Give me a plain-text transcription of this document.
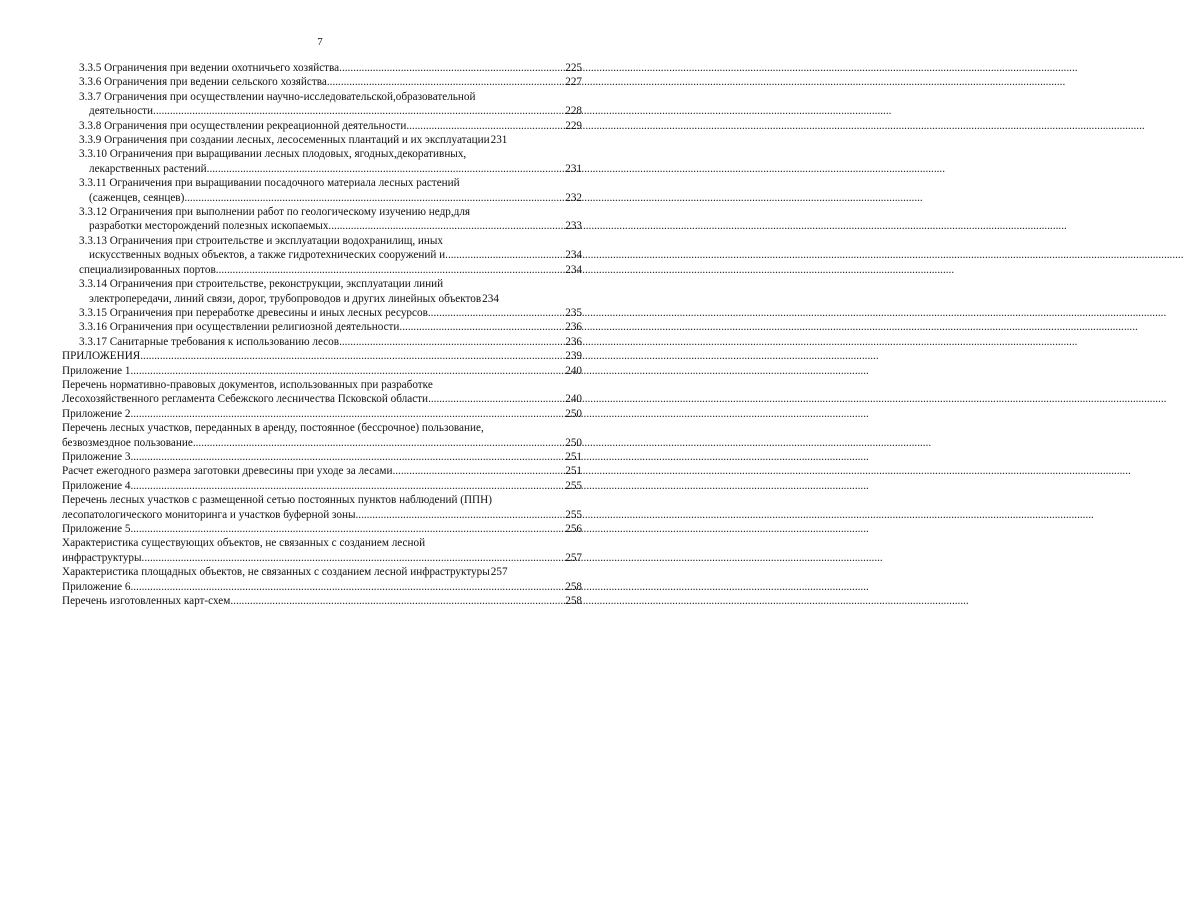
7
3.3.5 Ограничения при ведении охотничьего хозяйства .....	225
3.3.6 Ограничения при ведении сельского хозяйства .....	227
3.3.7 Ограничения при осуществлении научно-исследовательской,образовательной
деятельности .....	228
3.3.8 Ограничения при осуществлении рекреационной деятельности .....	229
3.3.9 Ограничения при создании лесных, лесосеменных плантаций и их эксплуатации 231
3.3.10 Ограничения при выращивании лесных плодовых, ягодных,декоративных,
лекарственных растений .....	231
3.3.11 Ограничения при выращивании посадочного материала лесных растений
(саженцев, сеянцев) .....	232
3.3.12 Ограничения при выполнении работ по геологическому изучению недр,для
разработки месторождений полезных ископаемых .....	233
3.3.13 Ограничения при строительстве и эксплуатации водохранилищ, иных
искусственных водных объектов, а также гидротехнических сооружений и .....	234
специализированных портов .....	234
3.3.14 Ограничения при строительстве, реконструкции, эксплуатации линий
электропередачи, линий связи, дорог, трубопроводов и других линейных объектов 234
3.3.15 Ограничения при переработке древесины и иных лесных ресурсов .....	235
3.3.16 Ограничения при осуществлении религиозной деятельности .....	236
3.3.17 Санитарные требования к использованию лесов .....	236
ПРИЛОЖЕНИЯ .....	239
Приложение 1 .....	240
Перечень нормативно-правовых документов, использованных при разработке
Лесохозяйственного регламента Себежского лесничества Псковской области .....	240
Приложение 2 .....	250
Перечень лесных участков, переданных в аренду, постоянное (бессрочное) пользование,
безвозмездное пользование .....	250
Приложение 3 .....	251
Расчет ежегодного размера заготовки древесины при уходе за лесами .....	251
Приложение 4 .....	255
Перечень лесных участков с размещенной сетью постоянных пунктов наблюдений (ППН)
лесопатологического мониторинга и участков буферной зоны .....	255
Приложение 5 .....	256
Характеристика существующих объектов, не связанных с созданием лесной
инфраструктуры. .....	257
Характеристика площадных объектов, не связанных с созданием лесной инфраструктуры 257
Приложение 6 .....	258
Перечень изготовленных карт-схем .....	258
